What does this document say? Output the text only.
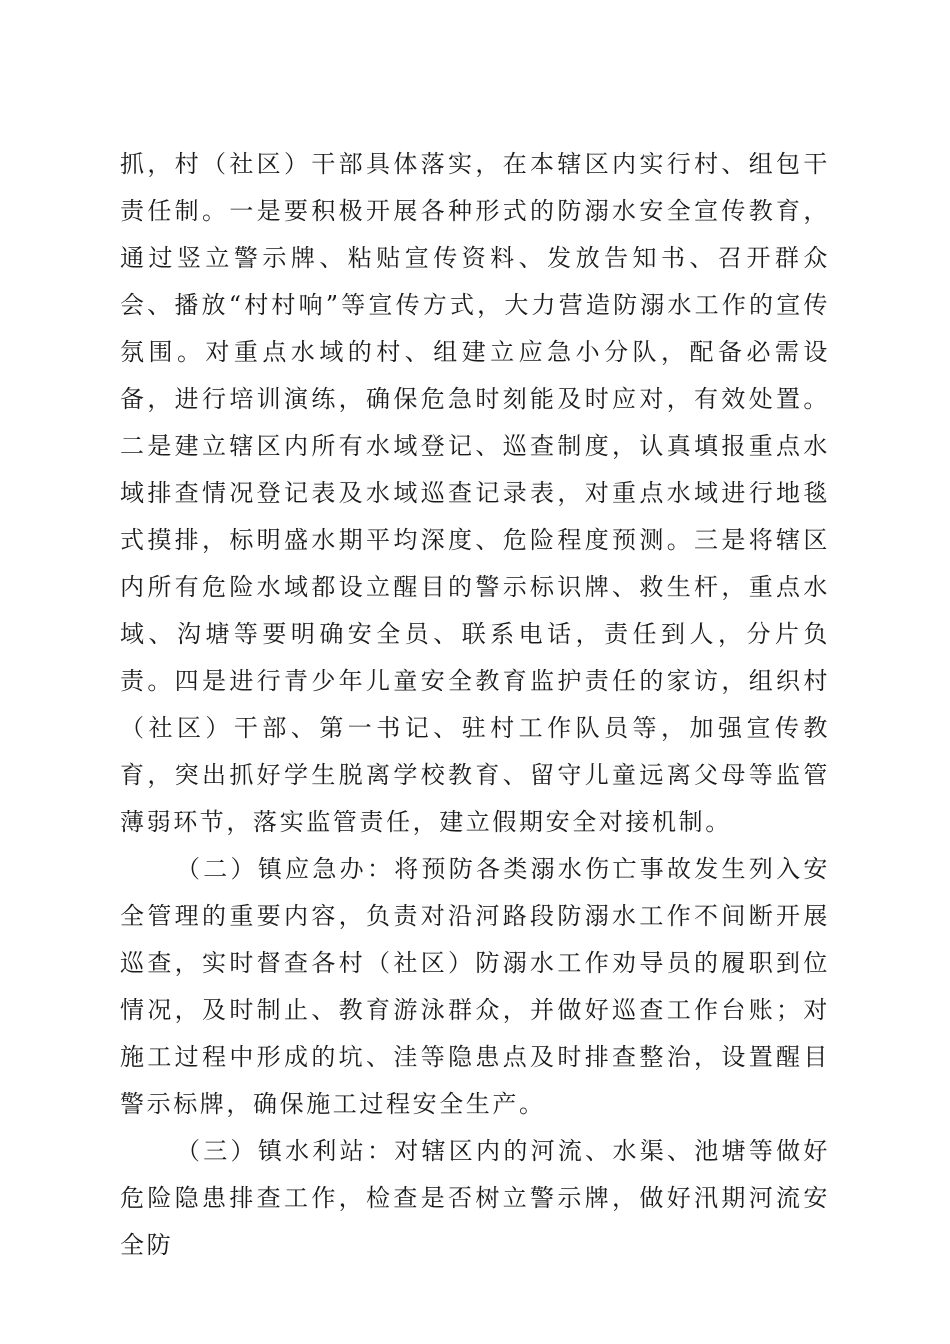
抓，村（社区）干部具体落实，在本辖区内实行村、组包干责任制。一是要积极开展各种形式的防溺水安全宣传教育，通过竖立警示牌、粘贴宣传资料、发放告知书、召开群众会、播放“村村响”等宣传方式，大力营造防溺水工作的宣传氛围。对重点水域的村、组建立应急小分队，配备必需设备，进行培训演练，确保危急时刻能及时应对，有效处置。二是建立辖区内所有水域登记、巡查制度，认真填报重点水域排查情况登记表及水域巡查记录表，对重点水域进行地毯式摸排，标明盛水期平均深度、危险程度预测。三是将辖区内所有危险水域都设立醒目的警示标识牌、救生杆，重点水域、沟塘等要明确安全员、联系电话，责任到人，分片负责。四是进行青少年儿童安全教育监护责任的家访，组织村（社区）干部、第一书记、驻村工作队员等，加强宣传教育，突出抓好学生脱离学校教育、留守儿童远离父母等监管薄弱环节，落实监管责任，建立假期安全对接机制。

（二）镇应急办：将预防各类溺水伤亡事故发生列入安全管理的重要内容，负责对沿河路段防溺水工作不间断开展巡查，实时督查各村（社区）防溺水工作劝导员的履职到位情况，及时制止、教育游泳群众，并做好巡查工作台账；对施工过程中形成的坑、洼等隐患点及时排查整治，设置醒目警示标牌，确保施工过程安全生产。

（三）镇水利站：对辖区内的河流、水渠、池塘等做好危险隐患排查工作，检查是否树立警示牌，做好汛期河流安全防
